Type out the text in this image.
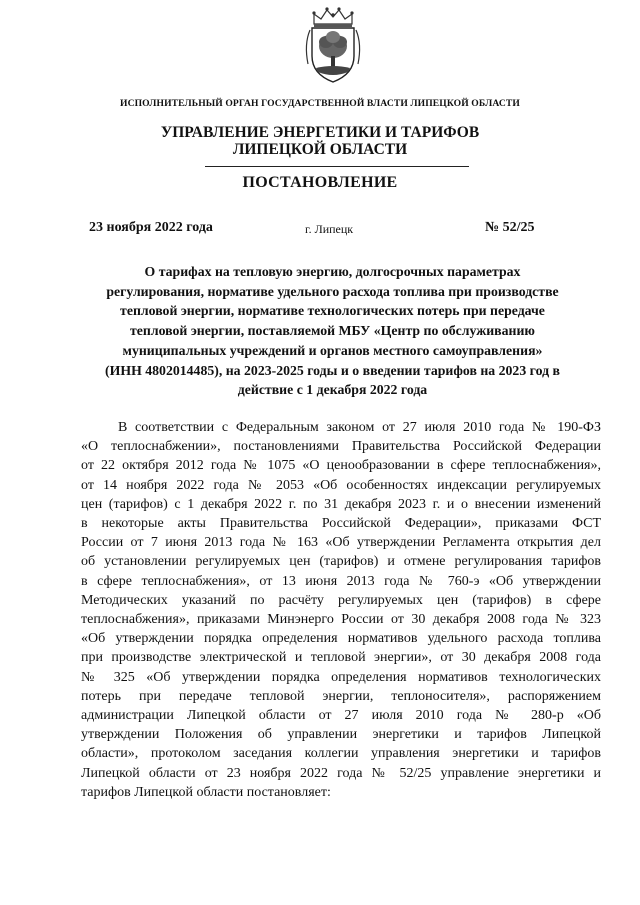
ИСПОЛНИТЕЛЬНЫЙ ОРГАН ГОСУДАРСТВЕННОЙ ВЛАСТИ ЛИПЕЦКОЙ ОБЛАСТИ
УПРАВЛЕНИЕ ЭНЕРГЕТИКИ И ТАРИФОВ
ЛИПЕЦКОЙ ОБЛАСТИ
ПОСТАНОВЛЕНИЕ
23 ноября 2022 года	г. Липецк	№ 52/25
О тарифах на тепловую энергию, долгосрочных параметрах
регулирования, нормативе удельного расхода топлива при производстве
тепловой энергии, нормативе технологических потерь при передаче
тепловой энергии, поставляемой МБУ «Центр по обслуживанию
муниципальных учреждений и органов местного самоуправления»
(ИНН 4802014485), на 2023-2025 годы и о введении тарифов на 2023 год в
действие с 1 декабря 2022 года
В соответствии с Федеральным законом от 27 июля 2010 года № 190-ФЗ
«О теплоснабжении», постановлениями Правительства Российской Федерации
от 22 октября 2012 года № 1075 «О ценообразовании в сфере теплоснабжения»,
от 14 ноября 2022 года № 2053 «Об особенностях индексации регулируемых
цен (тарифов) с 1 декабря 2022 г. по 31 декабря 2023 г. и о внесении изменений
в некоторые акты Правительства Российской Федерации», приказами ФСТ
России от 7 июня 2013 года № 163 «Об утверждении Регламента открытия дел
об установлении регулируемых цен (тарифов) и отмене регулирования тарифов
в сфере теплоснабжения», от 13 июня 2013 года № 760-э «Об утверждении
Методических указаний по расчёту регулируемых цен (тарифов) в сфере
теплоснабжения», приказами Минэнерго России от 30 декабря 2008 года № 323
«Об утверждении порядка определения нормативов удельного расхода топлива
при производстве электрической и тепловой энергии», от 30 декабря 2008 года
№ 325 «Об утверждении порядка определения нормативов технологических
потерь при передаче тепловой энергии, теплоносителя», распоряжением
администрации Липецкой области от 27 июля 2010 года № 280-р «Об
утверждении Положения об управлении энергетики и тарифов Липецкой
области», протоколом заседания коллегии управления энергетики и тарифов
Липецкой области от 23 ноября 2022 года № 52/25 управление энергетики и
тарифов Липецкой области постановляет:
